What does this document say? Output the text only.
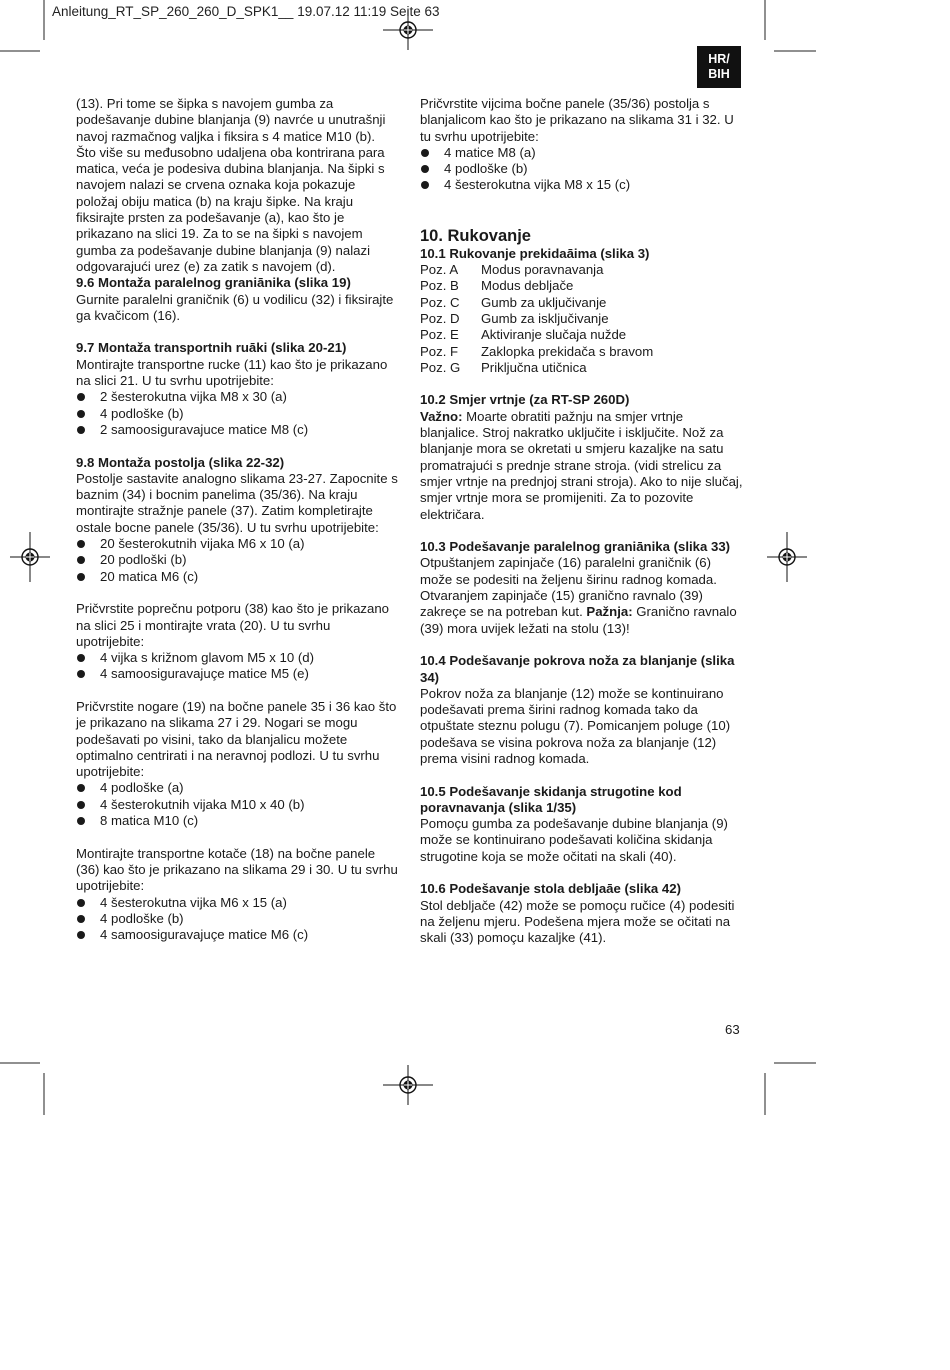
Anleitung_RT_SP_260_260_D_SPK1__ 19.07.12 11:19 Seite 63
HR/
BIH

(13). Pri tome se šipka s navojem gumba za podešavanje dubine blanjanja (9) navrće u unutrašnji navoj razmačnog valjka i fiksira s 4 matice M10 (b). Što više su međusobno udaljena oba kontrirana para matica, veća je podesiva dubina blanjanja. Na šipki s navojem nalazi se crvena oznaka koja pokazuje položaj obiju matica (b) na kraju šipke. Na kraju fiksirajte prsten za podešavanje (a), kao što je prikazano na slici 19. Za to se na šipki s navojem gumba za podešavanje dubine blanjanja (9) nalazi odgovarajući urez (e) za zatik s navojem (d).

9.6 Montaža paralelnog graniānika (slika 19)

Gurnite paralelni graničnik (6) u vodilicu (32) i fiksirajte ga kvačicom (16).

9.7 Montaža transportnih ruāki (slika 20-21)

Montirajte transportne rucke (11) kao što je prikazano na slici 21. U tu svrhu upotrijebite:

2 šesterokutna vijka M8 x 30 (a)
4 podloške (b)
2 samoosiguravajuce matice M8 (c)

9.8 Montaža postolja (slika 22-32)

Postolje sastavite analogno slikama 23-27. Zapocnite s baznim (34) i bocnim panelima (35/36). Na kraju montirajte stražnje panele (37). Zatim kompletirajte ostale bocne panele (35/36). U tu svrhu upotrijebite:

20 šesterokutnih vijaka M6 x 10 (a)
20 podloški (b)
20 matica M6 (c)

Pričvrstite poprečnu potporu (38) kao što je prikazano na slici 25 i montirajte vrata (20). U tu svrhu upotrijebite:

4 vijka s križnom glavom M5 x 10 (d)
4 samoosiguravajuçe matice M5 (e)

Pričvrstite nogare (19) na bočne panele 35 i 36 kao što je prikazano na slikama 27 i 29. Nogari se mogu podešavati po visini, tako da blanjalicu možete optimalno centrirati i na neravnoj podlozi. U tu svrhu upotrijebite:

4 podloške (a)
4 šesterokutnih vijaka M10 x 40 (b)
8 matica M10 (c)

Montirajte transportne kotače (18) na bočne panele (36) kao što je prikazano na slikama 29 i 30. U tu svrhu upotrijebite:

4 šesterokutna vijka M6 x 15 (a)
4 podloške (b)
4 samoosiguravajuçe matice M6 (c)

Pričvrstite vijcima bočne panele (35/36) postolja s blanjalicom kao što je prikazano na slikama 31 i 32. U tu svrhu upotrijebite:

4 matice M8 (a)
4 podloške (b)
4 šesterokutna vijka M8 x 15 (c)

10. Rukovanje

10.1 Rukovanje prekidaāima (slika 3)

Poz. A	Modus poravnavanja
Poz. B	Modus debljače
Poz. C	Gumb za uključivanje
Poz. D	Gumb za isključivanje
Poz. E	Aktiviranje slučaja nužde
Poz. F	Zaklopka prekidača s bravom
Poz. G	Priključna utičnica

10.2 Smjer vrtnje (za RT-SP 260D)

Važno: Moarte obratiti pažnju na smjer vrtnje blanjalice. Stroj nakratko uključite i isključite. Nož za blanjanje mora se okretati u smjeru kazaljke na satu promatrajući s prednje strane stroja. (vidi strelicu za smjer vrtnje na prednjoj strani stroja). Ako to nije slučaj, smjer vrtnje mora se promijeniti. Za to pozovite električara.

10.3 Podešavanje paralelnog graniānika (slika 33)

Otpuštanjem zapinjače (16) paralelni graničnik (6) može se podesiti na željenu širinu radnog komada. Otvaranjem zapinjače (15) granično ravnalo (39) zakreçe se na potreban kut. Pažnja: Granično ravnalo (39) mora uvijek ležati na stolu (13)!

10.4 Podešavanje pokrova noža za blanjanje (slika 34)

Pokrov noža za blanjanje (12) može se kontinuirano podešavati prema širini radnog komada tako da otpuštate steznu polugu (7). Pomicanjem poluge (10) podešava se visina pokrova noža za blanjanje (12) prema visini radnog komada.

10.5 Podešavanje skidanja strugotine kod poravnavanja (slika 1/35)

Pomoçu gumba za podešavanje dubine blanjanja (9) može se kontinuirano podešavati količina skidanja strugotine koja se može očitati na skali (40).

10.6 Podešavanje stola debljaāe (slika 42)

Stol debljače (42) može se pomoçu ručice (4) podesiti na željenu mjeru. Podešena mjera može se očitati na skali (33) pomoçu kazaljke (41).

63
